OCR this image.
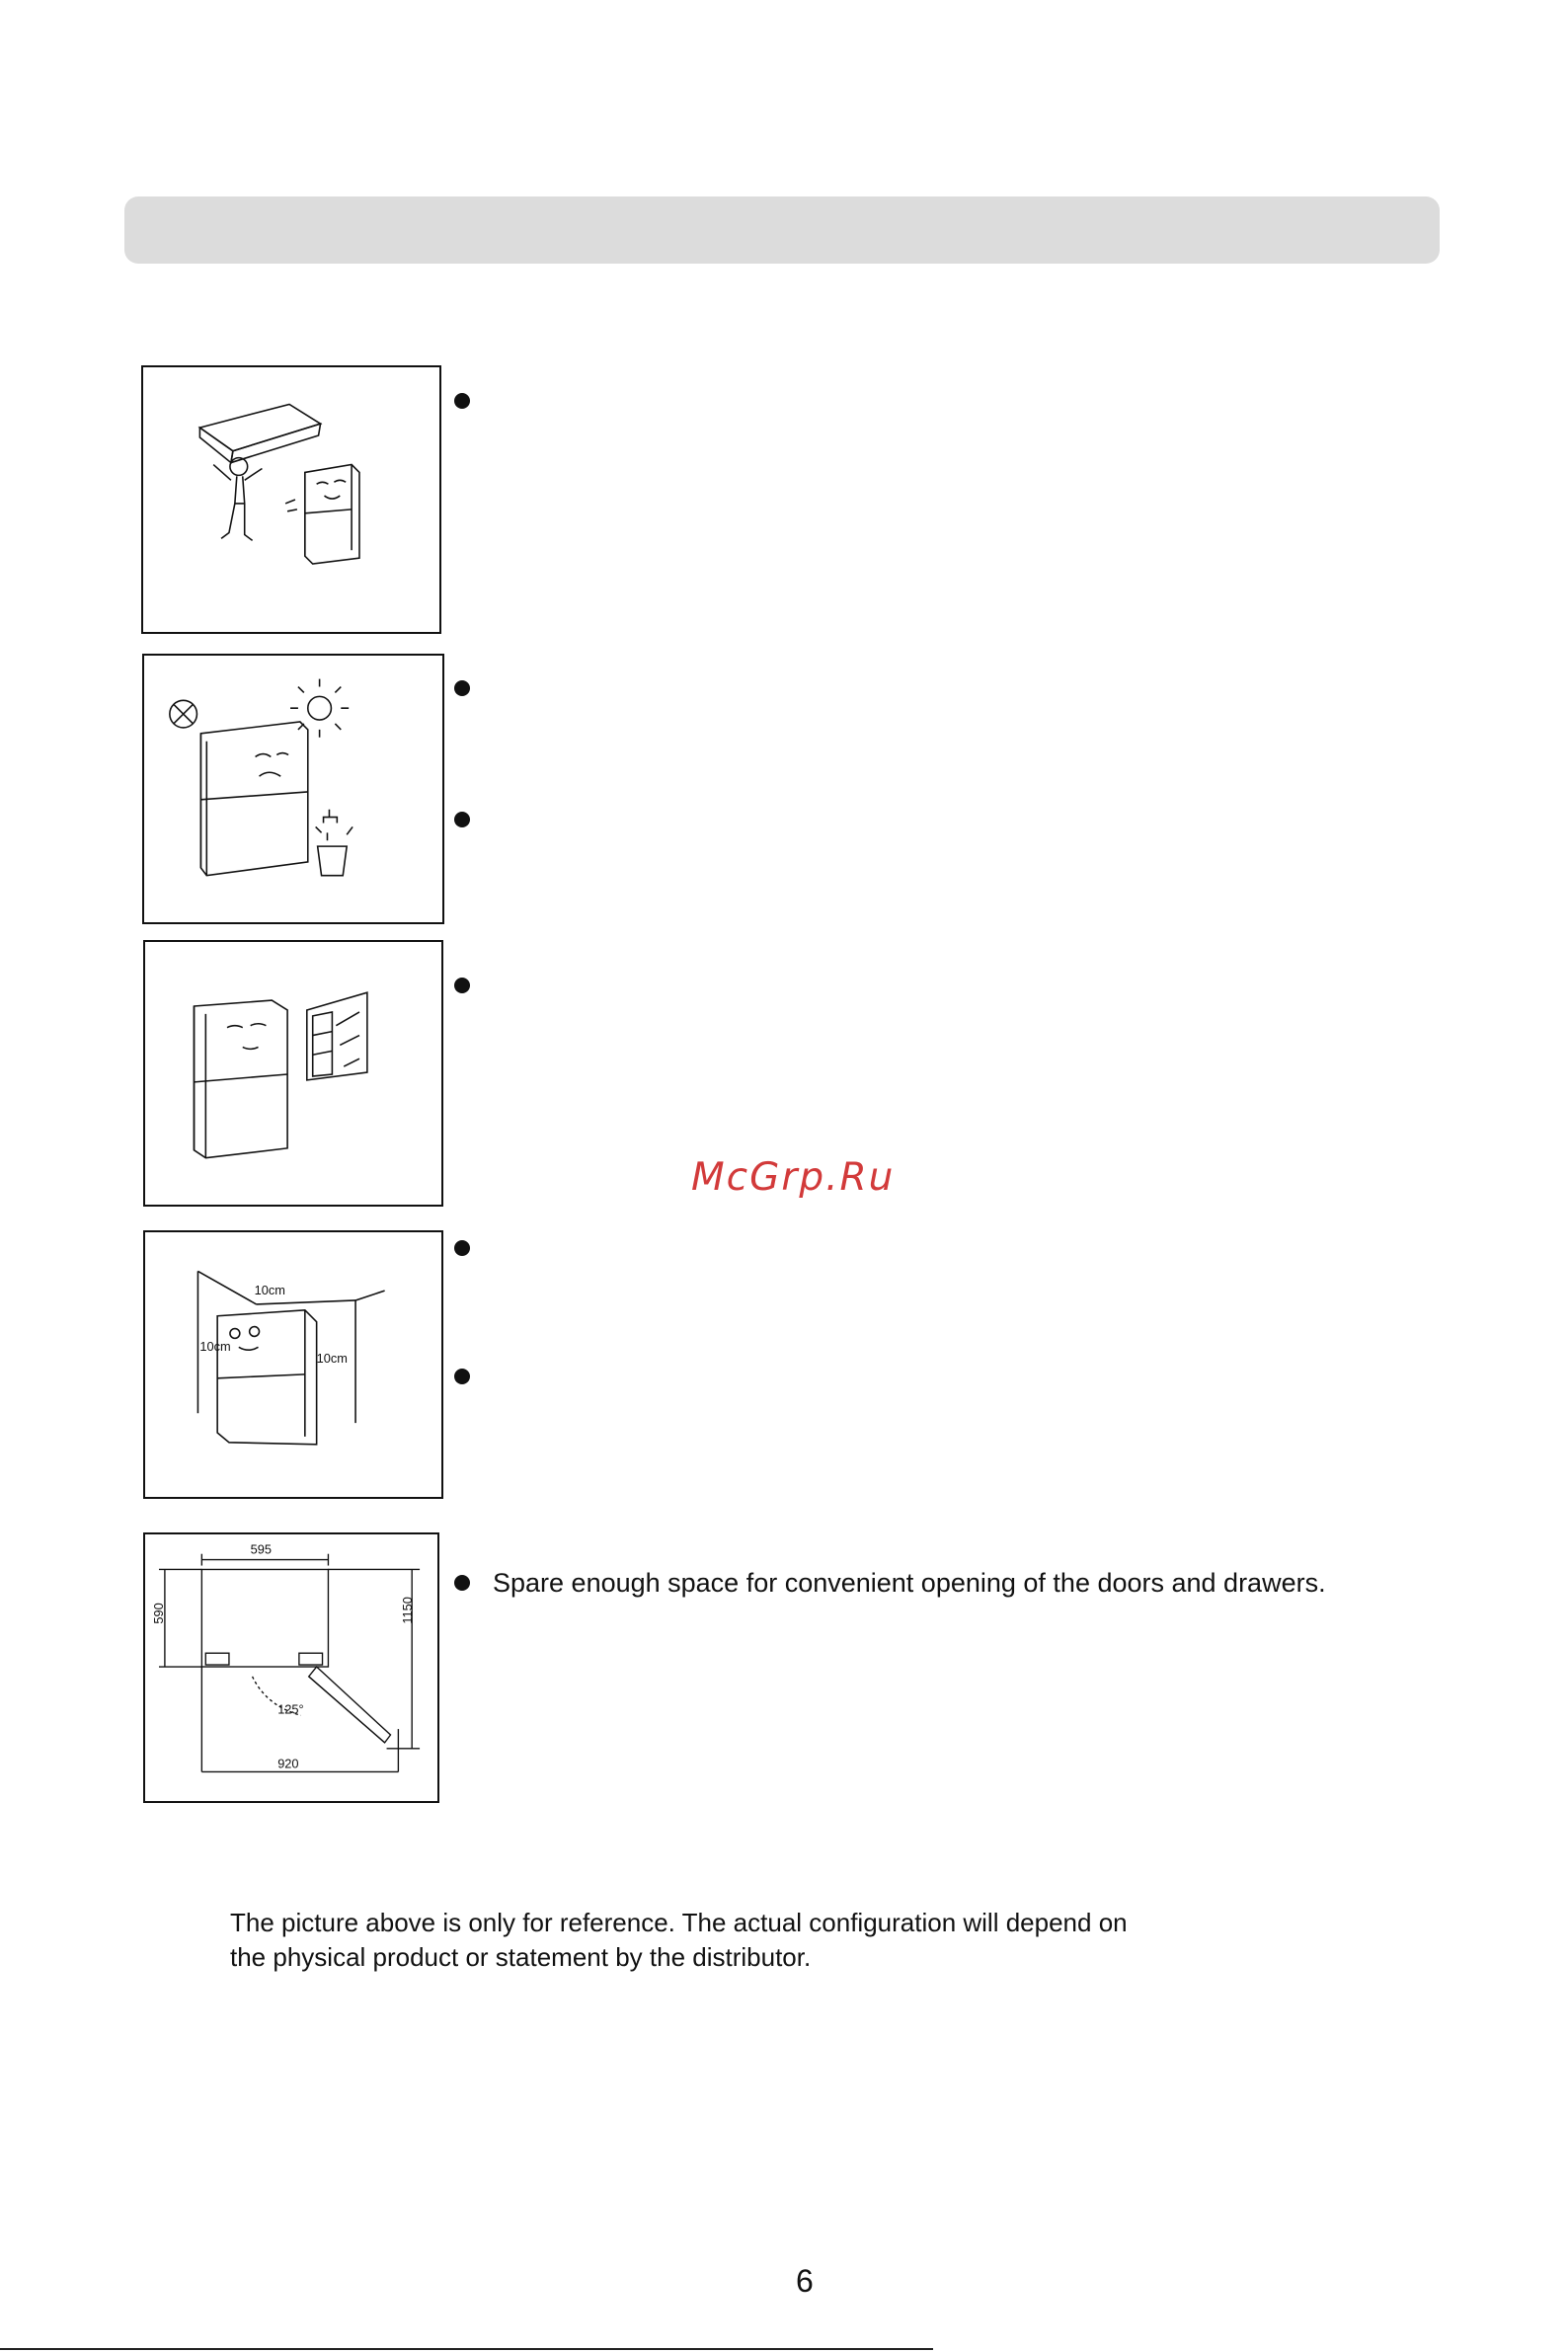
McGrp.Ru
10cm
10cm
10cm
595
590	1150
125°
920
Spare enough space for convenient opening of the doors and drawers.

The picture above is only for reference. The actual configuration will depend on

the physical product or statement by the distributor.

6
